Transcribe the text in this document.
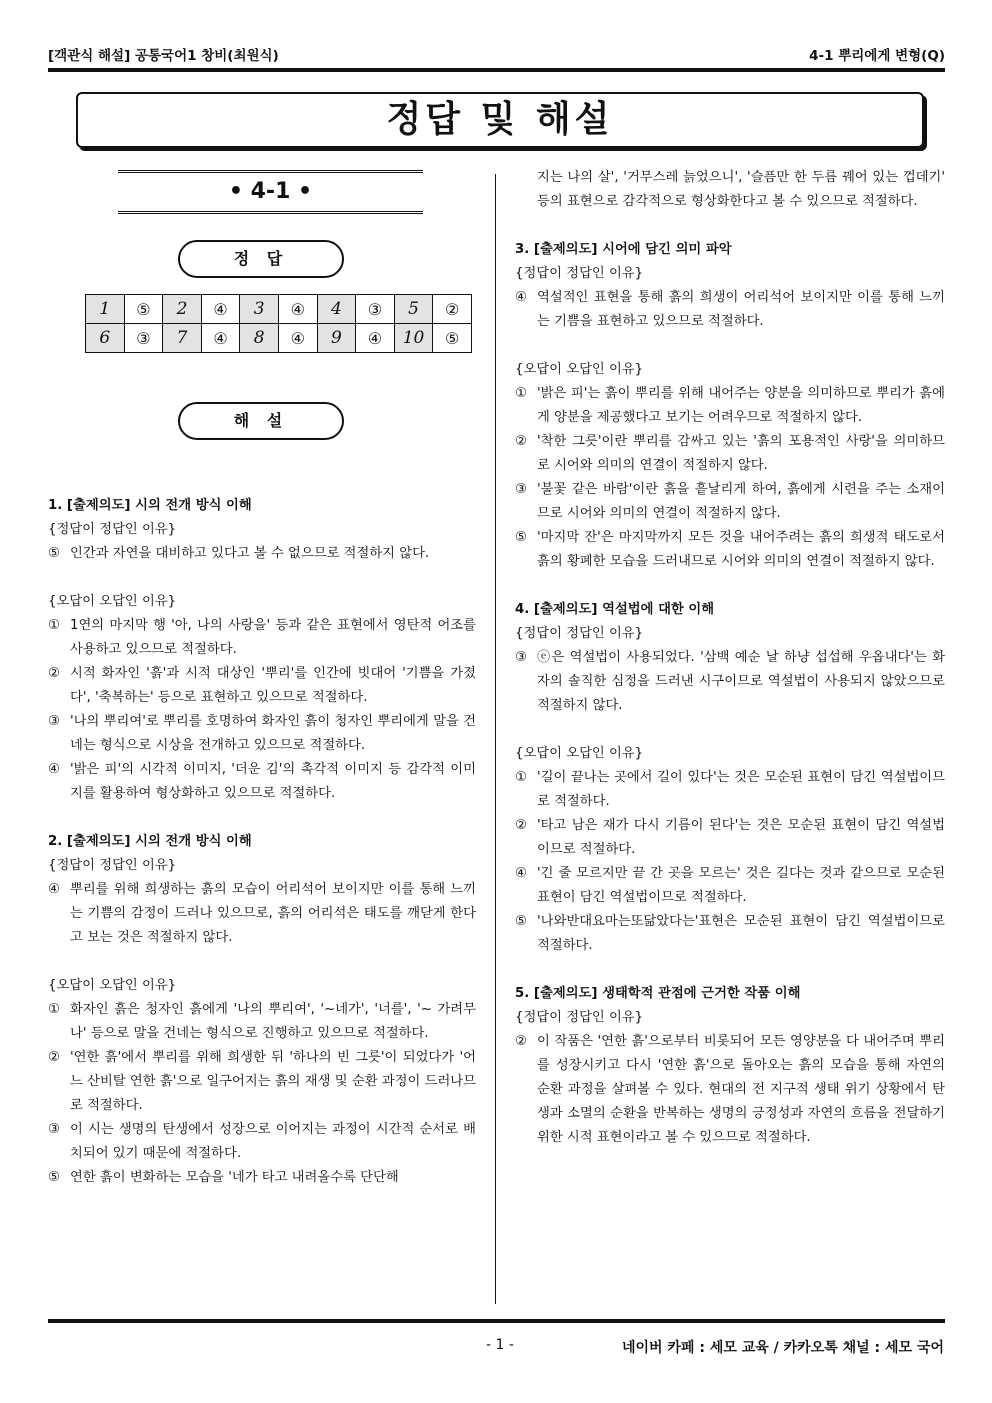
[객관식 해설] 공통국어1 창비(최원식)	4-1 뿌리에게 변형(Q)
정답 및 해설
• 4-1 •
정 답
1	⑤	2	④	3	④	4	③	5	②
6	③	7	④	8	④	9	④	10	⑤
해 설
1. [출제의도] 시의 전개 방식 이해
{정답이 정답인 이유}
⑤ 인간과 자연을 대비하고 있다고 볼 수 없으므로 적절하지 않다.
{오답이 오답인 이유}
① 1연의 마지막 행 '아, 나의 사랑을' 등과 같은 표현에서 영탄적 어조를 사용하고 있으므로 적절하다.
② 시적 화자인 '흙'과 시적 대상인 '뿌리'를 인간에 빗대어 '기쁨을 가졌다', '축복하는' 등으로 표현하고 있으므로 적절하다.
③ '나의 뿌리여'로 뿌리를 호명하여 화자인 흙이 청자인 뿌리에게 말을 건네는 형식으로 시상을 전개하고 있으므로 적절하다.
④ '밝은 피'의 시각적 이미지, '더운 김'의 촉각적 이미지 등 감각적 이미지를 활용하여 형상화하고 있으므로 적절하다.
2. [출제의도] 시의 전개 방식 이해
{정답이 정답인 이유}
④ 뿌리를 위해 희생하는 흙의 모습이 어리석어 보이지만 이를 통해 느끼는 기쁨의 감정이 드러나 있으므로, 흙의 어리석은 태도를 깨닫게 한다고 보는 것은 적절하지 않다.
{오답이 오답인 이유}
① 화자인 흙은 청자인 흙에게 '나의 뿌리여', '~네가', '너를', '~ 가려무나' 등으로 말을 건네는 형식으로 진행하고 있으므로 적절하다.
② '연한 흙'에서 뿌리를 위해 희생한 뒤 '하나의 빈 그릇'이 되었다가 '어느 산비탈 연한 흙'으로 일구어지는 흙의 재생 및 순환 과정이 드러나므로 적절하다.
③ 이 시는 생명의 탄생에서 성장으로 이어지는 과정이 시간적 순서로 배치되어 있기 때문에 적절하다.
⑤ 연한 흙이 변화하는 모습을 '네가 타고 내려올수록 단단해
지는 나의 살', '거무스레 늙었으니', '슬픔만 한 두름 꿰어 있는 껍데기' 등의 표현으로 감각적으로 형상화한다고 볼 수 있으므로 적절하다.
3. [출제의도] 시어에 담긴 의미 파악
{정답이 정답인 이유}
④ 역설적인 표현을 통해 흙의 희생이 어리석어 보이지만 이를 통해 느끼는 기쁨을 표현하고 있으므로 적절하다.
{오답이 오답인 이유}
① '밝은 피'는 흙이 뿌리를 위해 내어주는 양분을 의미하므로 뿌리가 흙에게 양분을 제공했다고 보기는 어려우므로 적절하지 않다.
② '착한 그릇'이란 뿌리를 감싸고 있는 '흙의 포용적인 사랑'을 의미하므로 시어와 의미의 연결이 적절하지 않다.
③ '불꽃 같은 바람'이란 흙을 흩날리게 하여, 흙에게 시련을 주는 소재이므로 시어와 의미의 연결이 적절하지 않다.
⑤ '마지막 잔'은 마지막까지 모든 것을 내어주려는 흙의 희생적 태도로서 흙의 황폐한 모습을 드러내므로 시어와 의미의 연결이 적절하지 않다.
4. [출제의도] 역설법에 대한 이해
{정답이 정답인 이유}
③ ⓔ은 역설법이 사용되었다. '삼백 예순 날 하냥 섭섭해 우옵내다'는 화자의 솔직한 심정을 드러낸 시구이므로 역설법이 사용되지 않았으므로 적절하지 않다.
{오답이 오답인 이유}
① '길이 끝나는 곳에서 길이 있다'는 것은 모순된 표현이 담긴 역설법이므로 적절하다.
② '타고 남은 재가 다시 기름이 된다'는 것은 모순된 표현이 담긴 역설법이므로 적절하다.
④ '긴 줄 모르지만 끝 간 곳을 모르는' 것은 길다는 것과 같으므로 모순된 표현이 담긴 역설법이므로 적절하다.
⑤ '나와반대요마는또닮았다는'표현은 모순된 표현이 담긴 역설법이므로 적절하다.
5. [출제의도] 생태학적 관점에 근거한 작품 이해
{정답이 정답인 이유}
② 이 작품은 '연한 흙'으로부터 비롯되어 모든 영양분을 다 내어주며 뿌리를 성장시키고 다시 '연한 흙'으로 돌아오는 흙의 모습을 통해 자연의 순환 과정을 살펴볼 수 있다. 현대의 전 지구적 생태 위기 상황에서 탄생과 소멸의 순환을 반복하는 생명의 긍정성과 자연의 흐름을 전달하기 위한 시적 표현이라고 볼 수 있으므로 적절하다.
- 1 -	네이버 카페 : 세모 교육 / 카카오톡 채널 : 세모 국어
